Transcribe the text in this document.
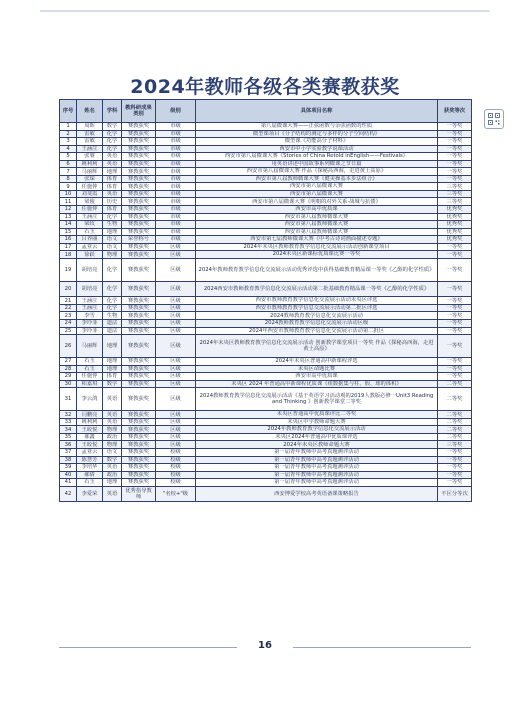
2024年教师各级各类赛教获奖
序号	姓名	学科	教科研成果类别	级别	具体项目名称	获奖等次
1	周晖	数学	赛教获奖	市级	第八届微课大赛——正弦函数与余弦函数的性质	一等奖
2	雷敏	化学	赛教获奖	市级	微型课项目《分子结构的测定与多样的分子空间结构》	一等奖
3	雷敏	化学	赛教获奖	市级	微型课《功能高分子材料》	一等奖
4	王涵庄	化学	赛教获奖	市级	西安市中小学实验教学说课活动	一等奖
5	张睿	英语	赛教获奖	市级	西安市第八届微课大赛《Stories of China Retold inEnglish——Festivals》	一等奖
6	姚利利	英语	赛教获奖	市级	用英语讲述中国故事系列微课之节日篇	一等奖
7	马丽辉	地理	赛教获奖	市级	西安市第八届微课大赛 作品《探秘高西海，走进黄土高原》	一等奖
8	张琛	体育	赛教获奖	市级	西安市第八届教师微课大赛《健美操基本步法组合》	一等奖
9	任施仲	体育	赛教获奖	市级	西安市第八届微课大赛	三等奖
10	刘斐霞	英语	赛教获奖	市级	西安市第八届微课大赛	三等奖
11	梁俊	历史	赛教获奖	市级	西安市第八届微课大赛《明朝的对外关系·战城与抗倭》	三等奖
12	任施仲	体育	赛教获奖	市级	西安市高中优质课	优秀奖
13	王涵庄	化学	赛教获奖	市级	西安市第八届教师微课大赛	优秀奖
14	梁玫	生物	赛教获奖	市级	西安市第八届教师微课大赛	优秀奖
15	石玉	地理	赛教获奖	市级	西安市第八届教师微课大赛	优秀奖
16	吕养丽	语文	荣誉称号	市级	西安市第七届教师微课大赛《中考古诗词画面描述专题》	优秀奖
17	孟亚云	语文	赛教获奖	区级	2024年未央区教师教育教学信息化交流展示活动创新课堂项目	一等奖
18	徐跃	物理	赛教获奖	区级	2024未央区新课标优质课比赛一等奖	一等奖
19	胡培亮	化学	赛教获奖	区级	2024年教师教育教学信息化交流展示活动优秀评选中获得基础教育精品课一等奖《乙醇的化学性质》	一等奖
20	胡培亮	化学	赛教获奖	区级	2024西安市教师教育教学信息化交流展示活动第二批基础教育精品课一等奖《乙醇的化学性质》	一等奖
21	王涵庄	化学	赛教获奖	区级	西安市教师教育教学信息化交流展示活动未央区评选	一等奖
22	王涵庄	化学	赛教获奖	区级	西安市教师教育教学信息交流展示活动第二批区评选	一等奖
23	李雪	生物	赛教获奖	区级	2024教师教育教学信息化交流展示活动	一等奖
24	李玲菲	道法	赛教获奖	区级	2024教师教育教学信息化交流展示活动区级	一等奖
25	李玲菲	道法	赛教获奖	区级	2024年西安市教师教育教学信息化交流展示活动第二批区	一等奖
26	马丽辉	地理	赛教获奖	区级	2024年未央区教师教育教学信息化交流展示活动 创新教学课堂项目一等奖 作品《探秘高西海，走进黄土高原》	一等奖
27	石玉	地理	赛教获奖	区级	2024年未央区普通高中新课程评选	一等奖
28	石玉	地理	赛教获奖	区级	未央区命题比赛	一等奖
29	任施仲	体育	赛教获奖	区级	西安市高中优质课	一等奖
30	和嘉琪	数学	赛教获奖	区级	未央区 2024 年普通高中新课程优质课《组数据集与柱、假、球的体积》	二等奖
31	李云鸽	英语	赛教获奖	区级	2024教师教育教学信息化交流展示活动《基于英语学习活动观的2019人教版必修一Unit3 Reading and Thinking 》创新教学课堂二等奖	二等奖
32	闫鹏亮	英语	赛教获奖	区级	未央区普通高中优质课评比二等奖	二等奖
33	姚利利	英语	赛教获奖	区级	未央区中学教师命题大赛	二等奖
34	王皎悦	物理	赛教获奖	区级	2024年教师教育教学信息化交流展示活动	二等奖
35	郝鑫	政治	赛教获奖	区级	未央区2024年普通高中优质课评选	二等奖
36	王皎悦	物理	赛教获奖	区级	2024年未央区教师命题大赛	三等奖
37	孟亚云	语文	赛教获奖	校级	第一届青年教师中高考真题测评活动	一等奖
38	陈慧芳	数学	赛教获奖	校级	第一届青年教师中高考真题测评活动	一等奖
39	李培华	英语	赛教获奖	校级	第一届青年教师中高考真题测评活动	一等奖
40	郝倩	政治	赛教获奖	校级	第一届青年教师中高考真题测评活动	一等奖
41	石玉	地理	赛教获奖	校级	第一届青年教师中高考真题测评活动	一等奖
42	李爱荣	英语	优秀指导教师	"名校+"级	西安博爱学校高考英语备课策略报告	不区分等次
16
